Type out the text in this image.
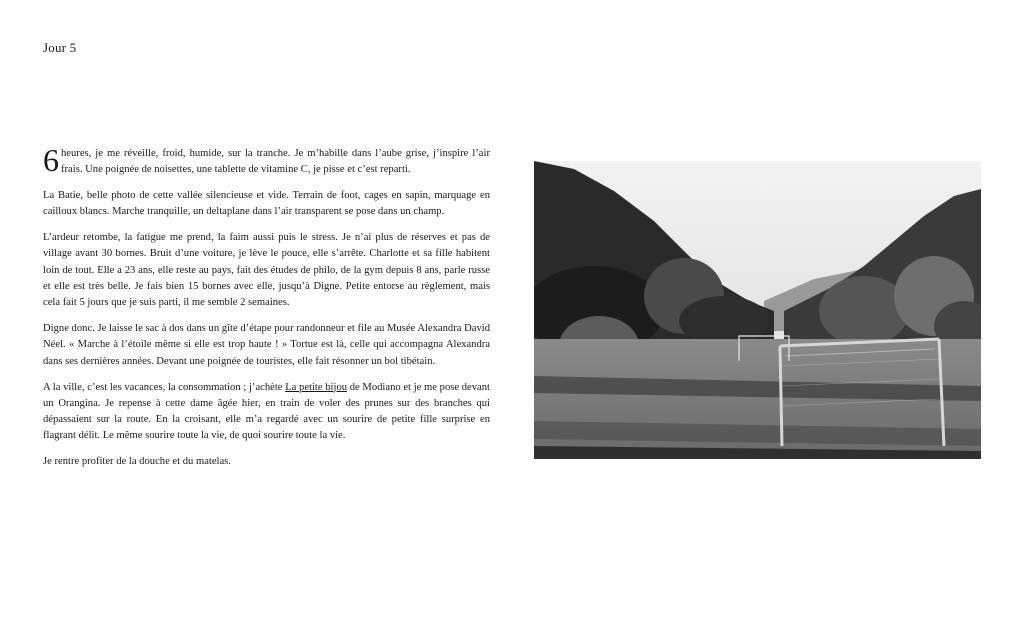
Jour 5

6 heures, je me réveille, froid, humide, sur la tranche. Je m’habille dans l’aube grise, j’inspire l’air frais. Une poignée de noisettes, une tablette de vitamine C, je pisse et c’est reparti.

La Batie, belle photo de cette vallée silencieuse et vide. Terrain de foot, cages en sapin, marquage en cailloux blancs. Marche tranquille, un deltaplane dans l’air transparent se pose dans un champ.

L’ardeur retombe, la fatigue me prend, la faim aussi puis le stress. Je n’ai plus de réserves et pas de village avant 30 bornes. Bruit d’une voiture, je lève le pouce, elle s’arrête. Charlotte et sa fille habitent loin de tout. Elle a 23 ans, elle reste au pays, fait des études de philo, de la gym depuis 8 ans, parle russe et elle est très belle. Je fais bien 15 bornes avec elle, jusqu’à Digne. Petite entorse au règlement, mais cela fait 5 jours que je suis parti, il me semble 2 semaines.

Digne donc. Je laisse le sac à dos dans un gîte d’étape pour randonneur et file au Musée Alexandra David Néel. « Marche à l’étoile même si elle est trop haute ! » Tortue est là, celle qui accompagna Alexandra dans ses dernières années. Devant une poignée de touristes, elle fait résonner un bol tibétain.

A la ville, c’est les vacances, la consommation ; j’achète La petite bijou de Modiano et je me pose devant un Orangina. Je repense à cette dame âgée hier, en train de voler des prunes sur des branches qui dépassaient sur la route. En la croisant, elle m’a regardé avec un sourire de petite fille surprise en flagrant délit. Le même sourire toute la vie, de quoi sourire toute la vie.

Je rentre profiter de la douche et du matelas.
